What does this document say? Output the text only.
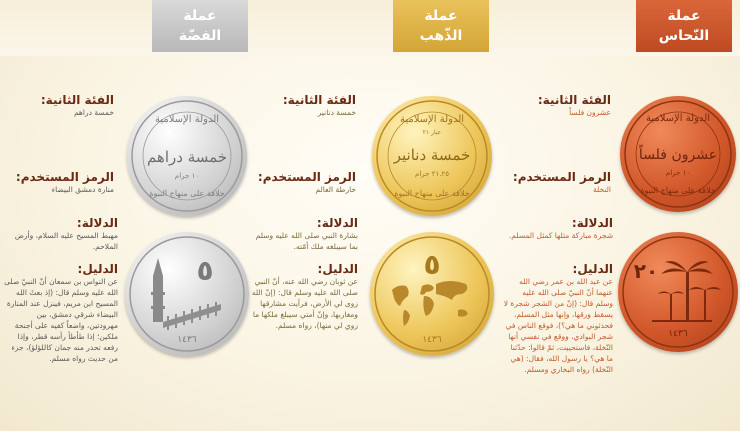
عملة
الفضّة
عملة
الذّهب
عملة
النّحاس
الفئة الثانية:
خمسة دراهم
الرمز المستخدم:
منارة دمشق البيضاء
الدلالة:
مهبط المسيح عليه السلام، وأرض الملاحم.
الدليل:
عن النواس بن سمعان أنّ النبيّ صلى الله عليه وسلم قال: (إذ بعثَ الله المسيح ابن مريم، فينزل عند المنارة البيضاء شرقي دمشق، بين مهرودتين، واضعاً كفيه على أجنحة ملكين؛ إذا طأطأ رأسه قطر، وإذا رفعه تحدر منه جمان كاللؤلؤ)، جزء من حديث رواه مسلم.
الدولة الإسلامية
خمسة دراهم
١٠ جرام
خلافة على منهاج النبوة
٥
١٤٣٦
الفئة الثانية:
خمسة دنانير
الرمز المستخدم:
خارطة العالم
الدلالة:
بشارة النبي صلى الله عليه وسلم بما سيبلغه ملك أمّته.
الدليل:
عن ثوبان رضي الله عنه، أنّ النبي صلى الله عليه وسلم قال: (إنّ الله زوى لي الأرض، فرأيت مشارقها ومغاربها، وإنّ أمتي سيبلغ ملكها ما زوي لي منها)، رواه مسلم.
الدولة الإسلامية
عيار ٢١
خمسة دنانير
٢١.٢٥ جرام
خلافة على منهاج النبوة
٥
١٤٣٦
الفئة الثانية:
عشرون فلساً
الرمز المستخدم:
النخلة
الدلالة:
شجرة مباركة مثلها كمثل المسلم.
الدليل:
عن عبد الله بن عمر رضي الله عنهما أنّ النبيّ صلى الله عليه وسلم قال: (إنّ من الشجر شجرة لا يسقط ورقها، وإنها مثل المسلم، فحدثوني ما هي؟)، فوقع الناس في شجر البوادي، ووقع في نفسي أنها النّخلة، فاستحييت، ثمّ قالوا: حدّثنا ما هي؟ يا رسول الله، فقال: (هي النّخلة) رواه البخاري ومسلم.
الدولة الإسلامية
عشرون فلساً
١٠ جرام
خلافة على منهاج النبوة
٢٠
١٤٣٦
